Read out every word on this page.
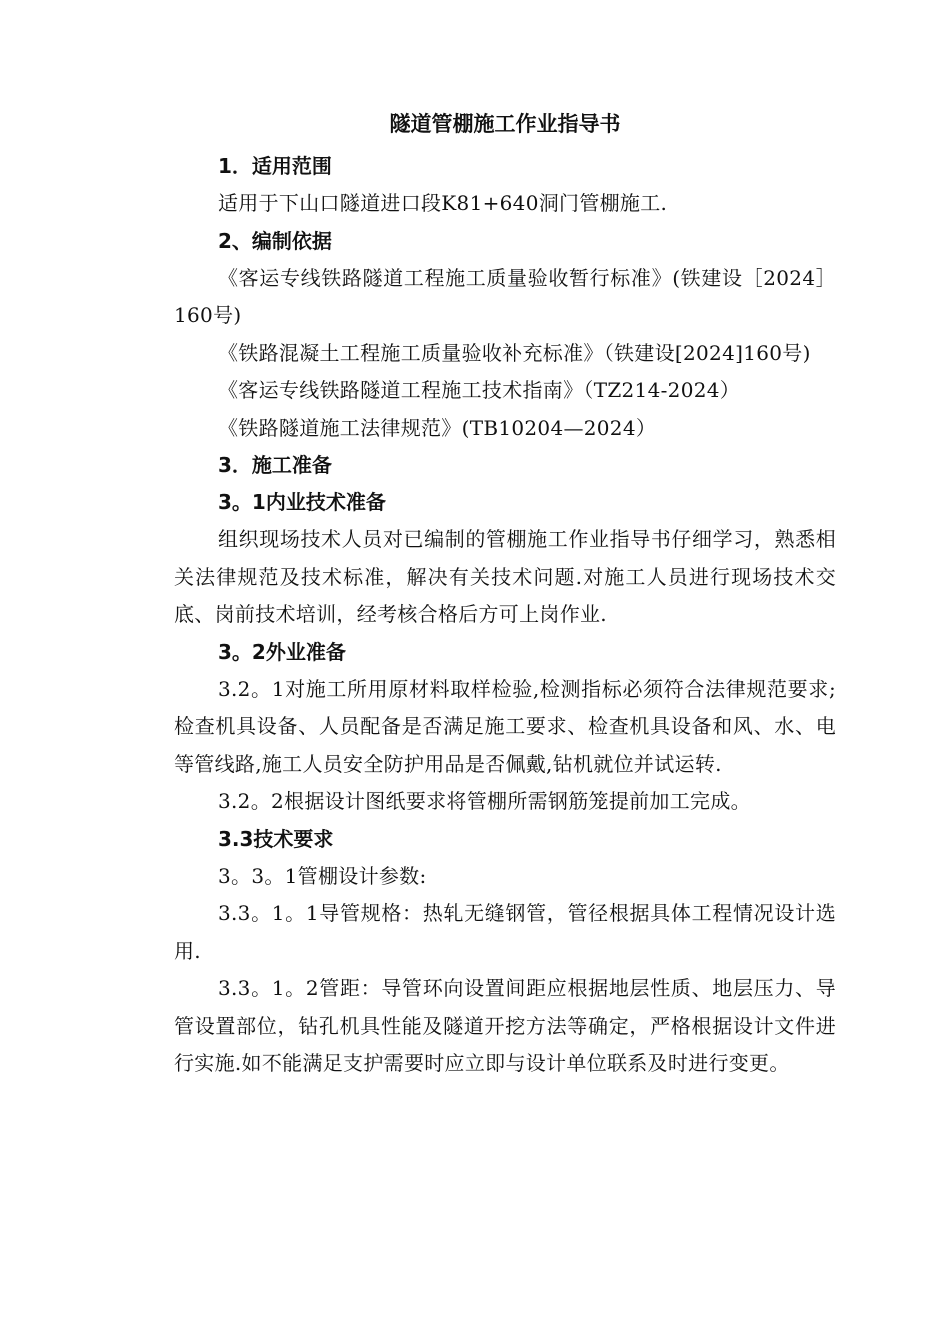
隧道管棚施工作业指导书
1．适用范围
适用于下山口隧道进口段K81+640洞门管棚施工.
2、编制依据
《客运专线铁路隧道工程施工质量验收暂行标准》(铁建设［2024］160号)
《铁路混凝土工程施工质量验收补充标准》（铁建设[2024]160号)
《客运专线铁路隧道工程施工技术指南》（TZ214-2024）
《铁路隧道施工法律规范》(TB10204—2024）
3．施工准备
3。1内业技术准备
组织现场技术人员对已编制的管棚施工作业指导书仔细学习，熟悉相关法律规范及技术标准，解决有关技术问题.对施工人员进行现场技术交底、岗前技术培训，经考核合格后方可上岗作业.
3。2外业准备
3.2。1对施工所用原材料取样检验,检测指标必须符合法律规范要求;检查机具设备、人员配备是否满足施工要求、检查机具设备和风、水、电等管线路,施工人员安全防护用品是否佩戴,钻机就位并试运转.
3.2。2根据设计图纸要求将管棚所需钢筋笼提前加工完成。
3.3技术要求
3。3。1管棚设计参数:
3.3。1。1导管规格：热轧无缝钢管，管径根据具体工程情况设计选用.
3.3。1。2管距：导管环向设置间距应根据地层性质、地层压力、导管设置部位，钻孔机具性能及隧道开挖方法等确定，严格根据设计文件进行实施.如不能满足支护需要时应立即与设计单位联系及时进行变更。
